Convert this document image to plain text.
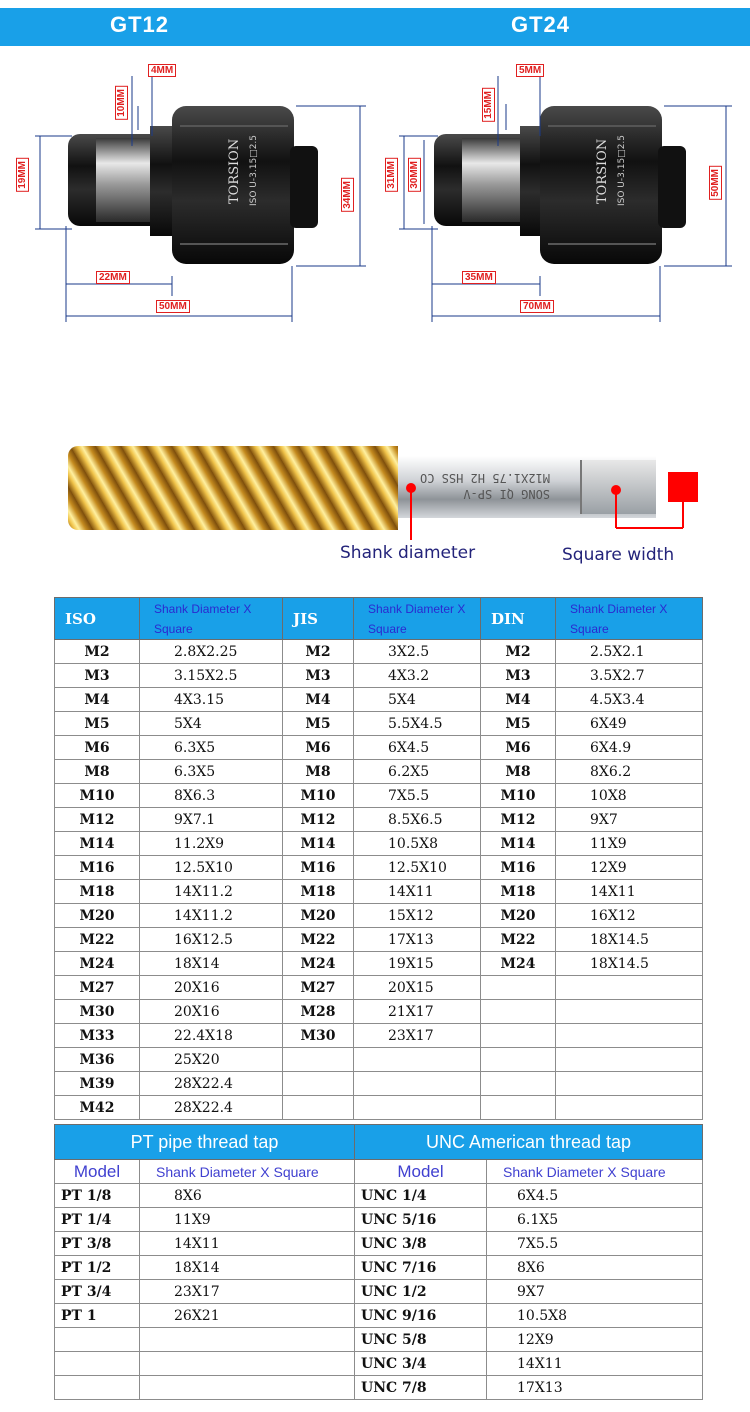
GT12	GT24
TORSION ISO U-3.15□2.5	TORSION ISO U-3.15□2.5
4MM
10MM
19MM
34MM
22MM
50MM
5MM
15MM
31MM 30MM	50MM
35MM
70MM
SONG QI SP-V
M12X1.75 H2 HSS CO
Shank diameter	Square width
ISO	Shank Diameter X Square	JIS	Shank Diameter X Square	DIN	Shank Diameter X Square
M2	2.8X2.25	M2	3X2.5	M2	2.5X2.1
M3	3.15X2.5	M3	4X3.2	M3	3.5X2.7
M4	4X3.15	M4	5X4	M4	4.5X3.4
M5	5X4	M5	5.5X4.5	M5	6X49
M6	6.3X5	M6	6X4.5	M6	6X4.9
M8	6.3X5	M8	6.2X5	M8	8X6.2
M10	8X6.3	M10	7X5.5	M10	10X8
M12	9X7.1	M12	8.5X6.5	M12	9X7
M14	11.2X9	M14	10.5X8	M14	11X9
M16	12.5X10	M16	12.5X10	M16	12X9
M18	14X11.2	M18	14X11	M18	14X11
M20	14X11.2	M20	15X12	M20	16X12
M22	16X12.5	M22	17X13	M22	18X14.5
M24	18X14	M24	19X15	M24	18X14.5
M27	20X16	M27	20X15		
M30	20X16	M28	21X17		
M33	22.4X18	M30	23X17		
M36	25X20				
M39	28X22.4				
M42	28X22.4				
PT pipe thread tap		UNC American thread tap	
Model	Shank Diameter X Square	Model	Shank Diameter X Square
PT 1/8	8X6	UNC 1/4	6X4.5
PT 1/4	11X9	UNC 5/16	6.1X5
PT 3/8	14X11	UNC 3/8	7X5.5
PT 1/2	18X14	UNC 7/16	8X6
PT 3/4	23X17	UNC 1/2	9X7
PT 1	26X21	UNC 9/16	10.5X8
		UNC 5/8	12X9
		UNC 3/4	14X11
		UNC 7/8	17X13
